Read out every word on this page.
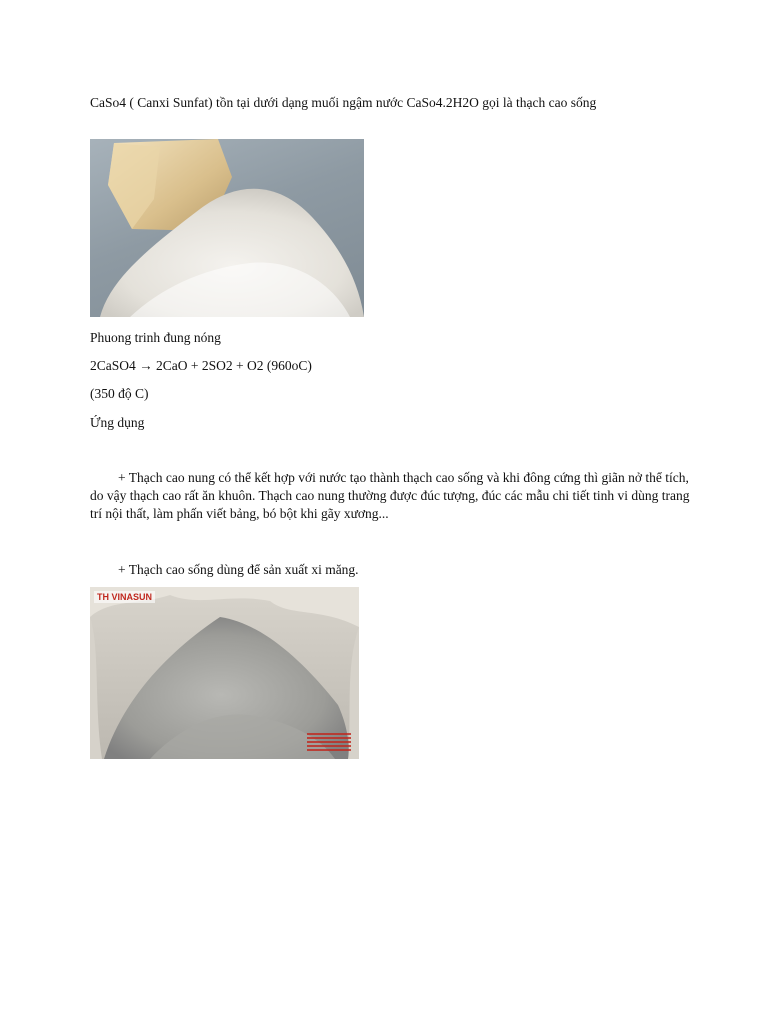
CaSo4 ( Canxi Sunfat) tồn tại dưới dạng muối ngậm nước CaSo4.2H2O gọi là thạch cao sống
Phuong trinh đung nóng
2CaSO4 → 2CaO + 2SO2 + O2 (960oC)
(350 độ C)
Ứng dụng
+ Thạch cao nung có thể kết hợp với nước tạo thành thạch cao sống và khi đông cứng thì giãn nở thể tích, do vậy thạch cao rất ăn khuôn. Thạch cao nung thường được đúc tượng, đúc các mẫu chi tiết tinh vi dùng trang trí nội thất, làm phấn viết bảng, bó bột khi gãy xương...
+ Thạch cao sống dùng để sản xuất xi măng.
TH VINASUN
